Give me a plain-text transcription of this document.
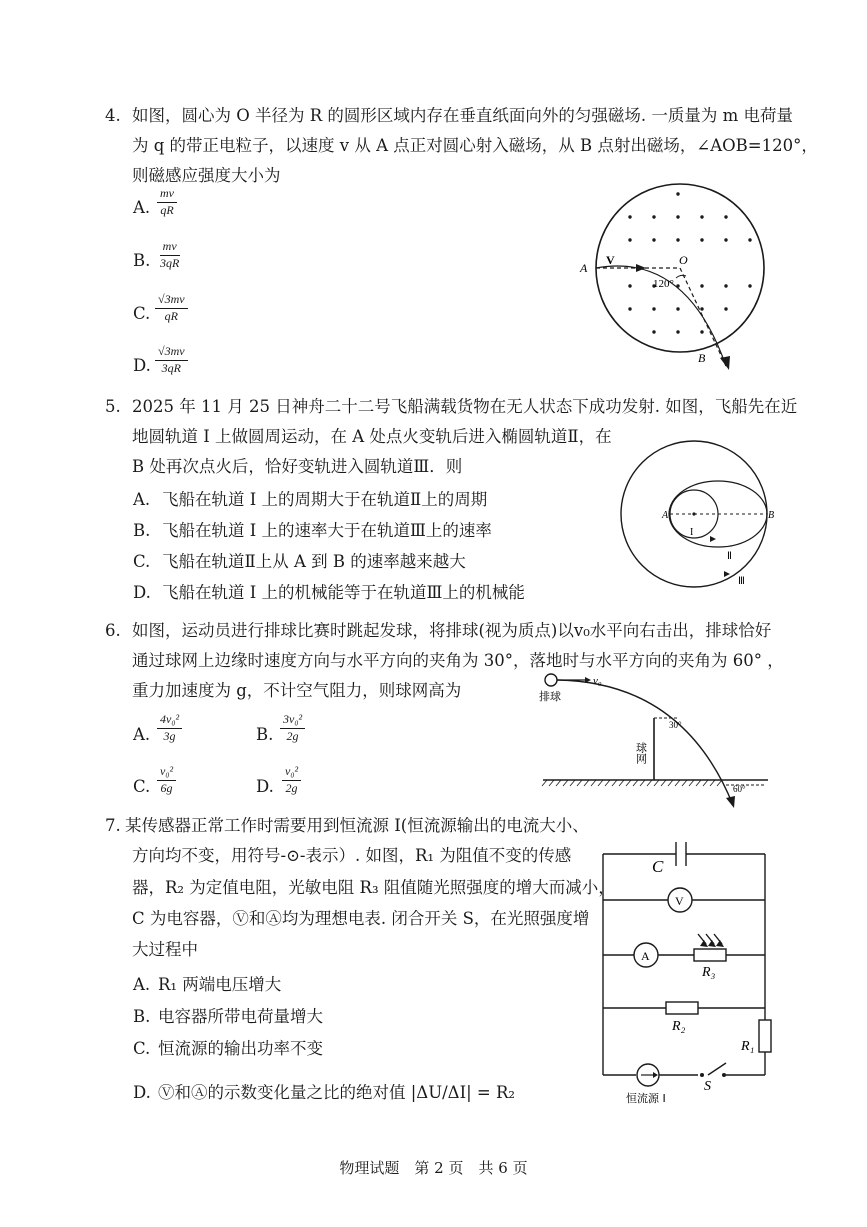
4. 如图，圆心为 O 半径为 R 的圆形区域内存在垂直纸面向外的匀强磁场. 一质量为 m 电荷量
为 q 的带正电粒子，以速度 v 从 A 点正对圆心射入磁场，从 B 点射出磁场，∠AOB=120°，
则磁感应强度大小为
A. $\frac{mv}{qR}$
B. $\frac{mv}{3qR}$
C. $\frac{√3mv}{qR}$
D. $\frac{√3mv}{3qR}$
A
V	O
120°
B
5. 2025 年 11 月 25 日神舟二十二号飞船满载货物在无人状态下成功发射. 如图，飞船先在近
地圆轨道 I 上做圆周运动，在 A 处点火变轨后进入椭圆轨道Ⅱ，在
B 处再次点火后，恰好变轨进入圆轨道Ⅲ．则
A. 飞船在轨道 I 上的周期大于在轨道Ⅱ上的周期
B. 飞船在轨道 I 上的速率大于在轨道Ⅲ上的速率
C. 飞船在轨道Ⅱ上从 A 到 B 的速率越来越大
D. 飞船在轨道 I 上的机械能等于在轨道Ⅲ上的机械能
A	B
I
Ⅱ
Ⅲ
6. 如图，运动员进行排球比赛时跳起发球，将排球(视为质点)以v₀水平向右击出，排球恰好
通过球网上边缘时速度方向与水平方向的夹角为 30°，落地时与水平方向的夹角为 60° ，
重力加速度为 g，不计空气阻力，则球网高为
A. $\frac{\text{4v₀²}}{3g}$	B. $\frac{\text{3v₀²}}{2g}$
C. $\frac{\text{v₀²}}{6g}$	D. $\frac{\text{v₀²}}{2g}$
排球
v₀
球网
30°
60°
7. 某传感器正常工作时需要用到恒流源 I(恒流源输出的电流大小、
方向均不变，用符号-⊙-表示）. 如图，R₁ 为阻值不变的传感
器，R₂ 为定值电阻，光敏电阻 R₃ 阻值随光照强度的增大而减小，
C 为电容器，Ⓥ和Ⓐ均为理想电表. 闭合开关 S，在光照强度增
大过程中
A. R₁ 两端电压增大
B. 电容器所带电荷量增大
C. 恒流源的输出功率不变
D. Ⓥ和Ⓐ的示数变化量之比的绝对值 |ΔU/ΔI| = R₂
C
V
A
R₃
R₂
R₁
S
恒流源 I
物理试题　第 2 页　共 6 页
